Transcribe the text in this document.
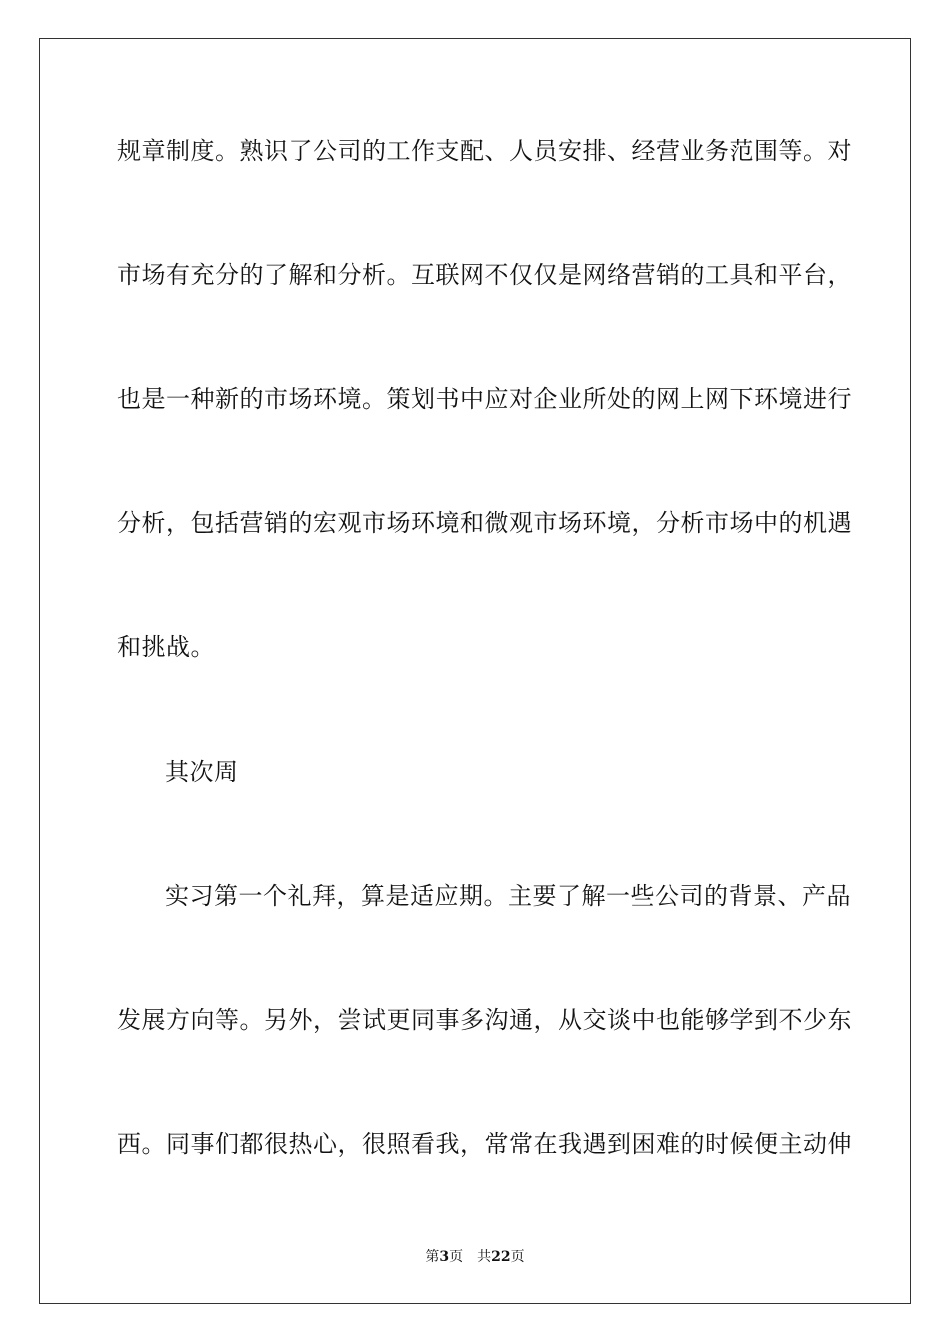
规章制度。熟识了公司的工作支配、人员安排、经营业务范围等。对
市场有充分的了解和分析。互联网不仅仅是网络营销的工具和平台，
也是一种新的市场环境。策划书中应对企业所处的网上网下环境进行
分析，包括营销的宏观市场环境和微观市场环境，分析市场中的机遇
和挑战。
其次周
实习第一个礼拜，算是适应期。主要了解一些公司的背景、产品
发展方向等。另外，尝试更同事多沟通，从交谈中也能够学到不少东
西。同事们都很热心，很照看我，常常在我遇到困难的时候便主动伸
第3页 共22页
